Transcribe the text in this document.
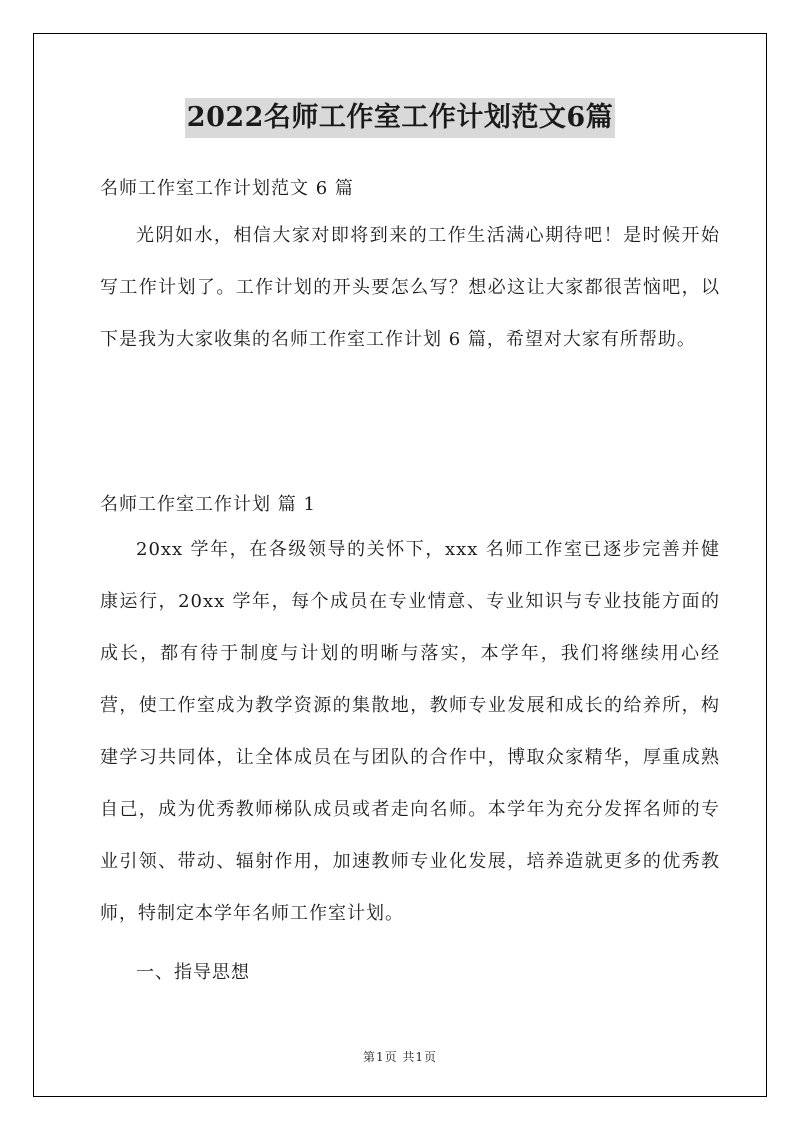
2022名师工作室工作计划范文6篇
名师工作室工作计划范文 6 篇
光阴如水，相信大家对即将到来的工作生活满心期待吧！是时候开始写工作计划了。工作计划的开头要怎么写？想必这让大家都很苦恼吧，以下是我为大家收集的名师工作室工作计划 6 篇，希望对大家有所帮助。
名师工作室工作计划 篇 1
20xx 学年，在各级领导的关怀下，xxx 名师工作室已逐步完善并健康运行，20xx 学年，每个成员在专业情意、专业知识与专业技能方面的成长，都有待于制度与计划的明晰与落实，本学年，我们将继续用心经营，使工作室成为教学资源的集散地，教师专业发展和成长的给养所，构建学习共同体，让全体成员在与团队的合作中，博取众家精华，厚重成熟自己，成为优秀教师梯队成员或者走向名师。本学年为充分发挥名师的专业引领、带动、辐射作用，加速教师专业化发展，培养造就更多的优秀教师，特制定本学年名师工作室计划。
一、指导思想
第1页 共1页
